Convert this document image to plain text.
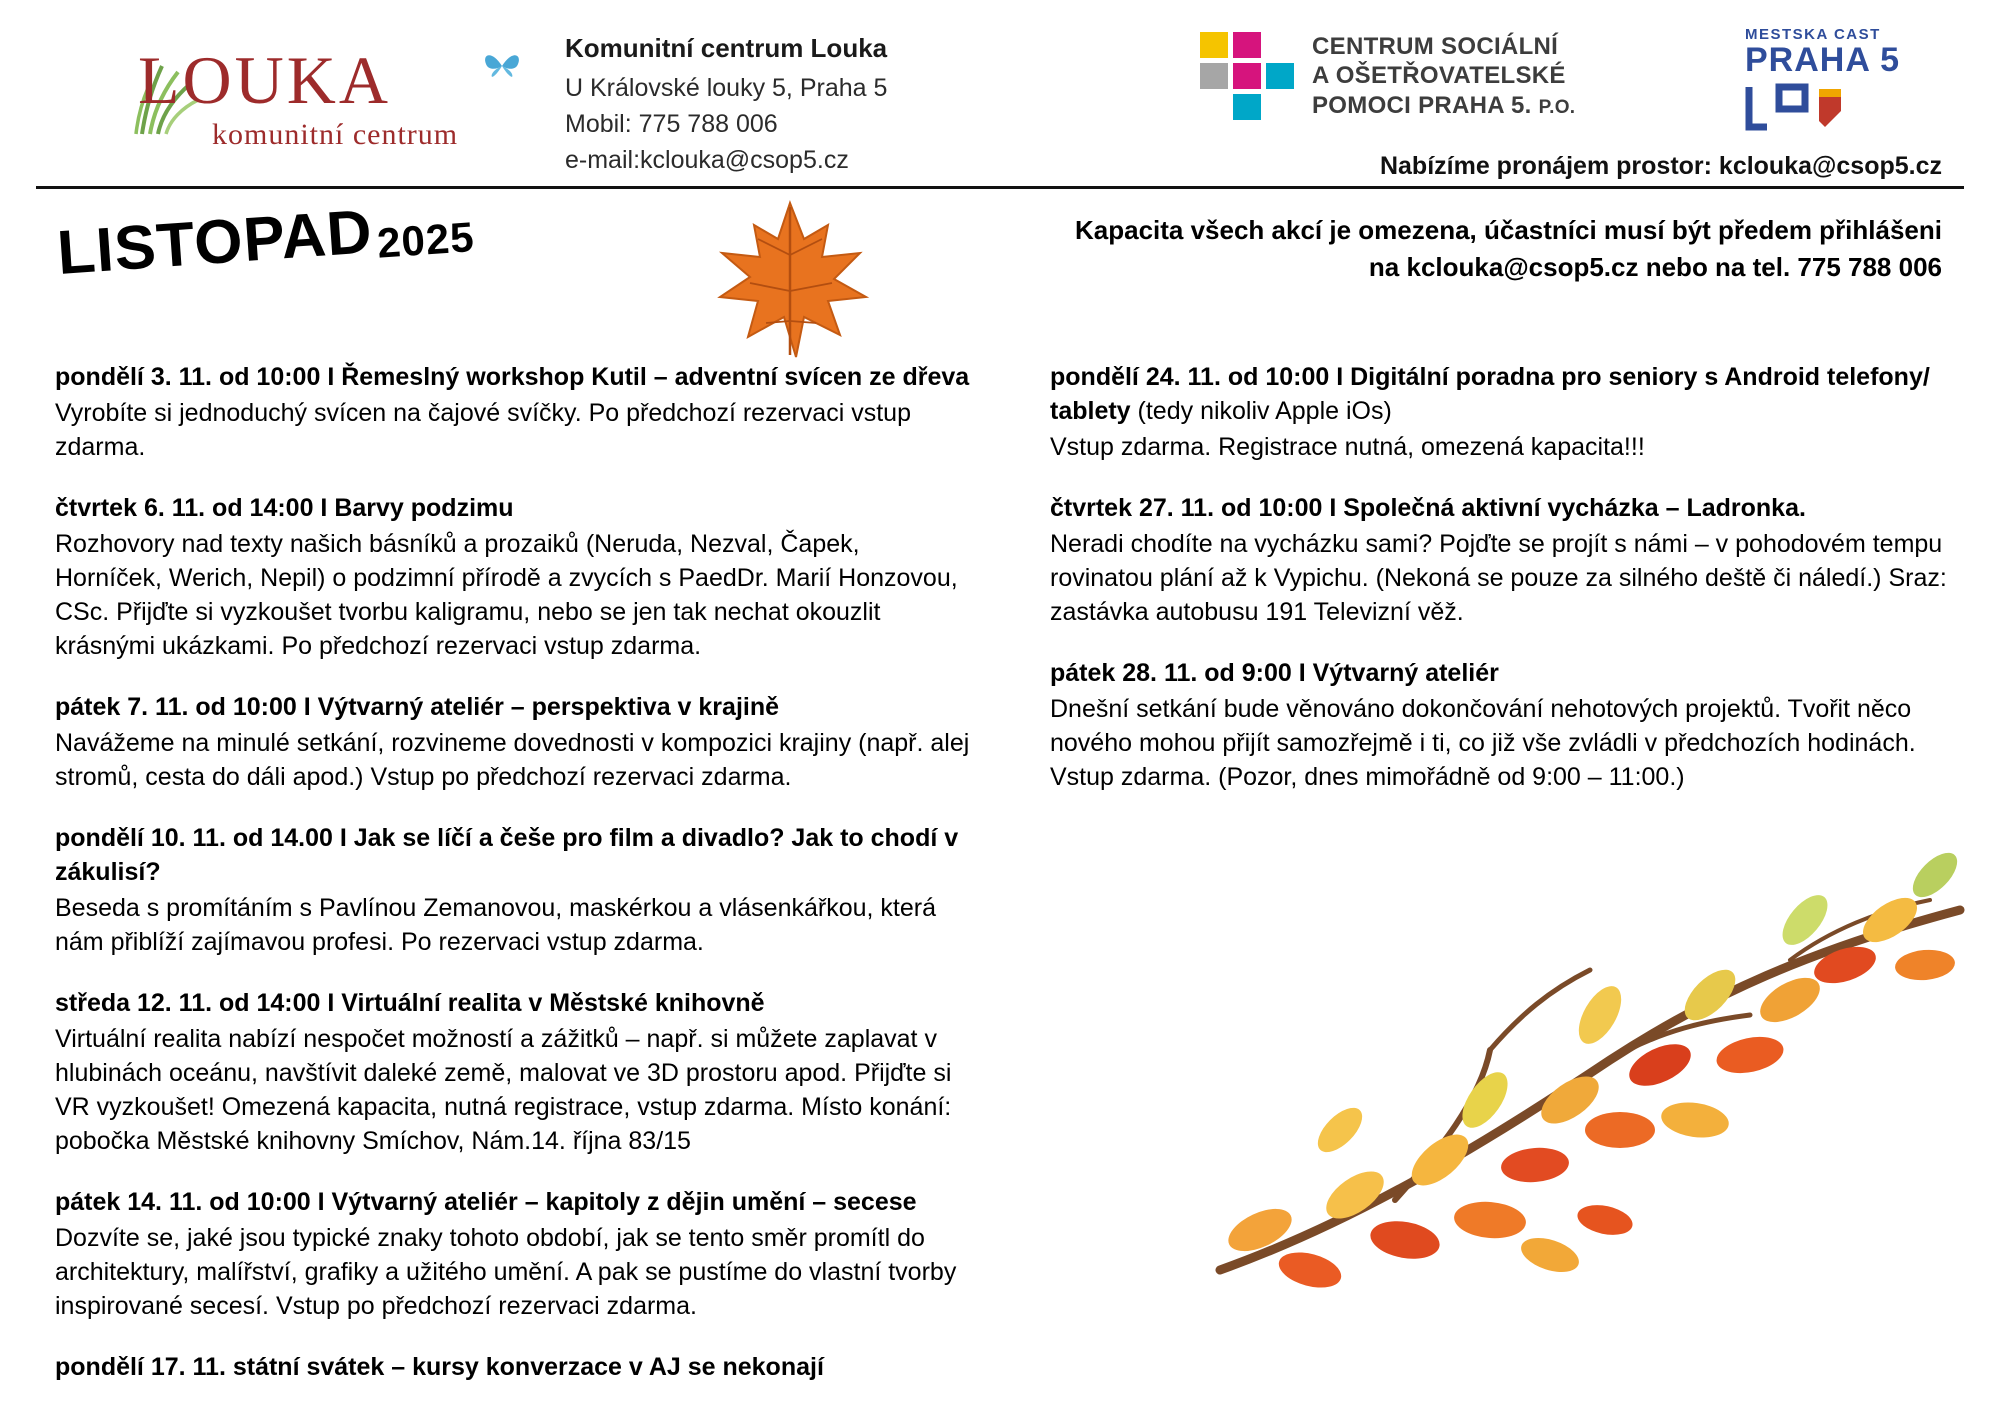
LOUKA
komunitní centrum
Komunitní centrum Louka
U Královské louky 5, Praha 5
Mobil: 775 788 006
e-mail:kclouka@csop5.cz
CENTRUM SOCIÁLNÍ
A OŠETŘOVATELSKÉ
POMOCI PRAHA 5. P.O.
MESTSKA CAST
PRAHA 5
Nabízíme pronájem prostor: kclouka@csop5.cz
LISTOPAD2025	Kapacita všech akcí je omezena, účastníci musí být předem přihlášeni
na kclouka@csop5.cz nebo na tel. 775 788 006

pondělí 3. 11. od 10:00 I Řemeslný workshop Kutil – adventní svícen ze dřeva

Vyrobíte si jednoduchý svícen na čajové svíčky. Po předchozí rezervaci vstup zdarma.

čtvrtek 6. 11. od 14:00 I Barvy podzimu

Rozhovory nad texty našich básníků a prozaiků (Neruda, Nezval, Čapek, Horníček, Werich, Nepil) o podzimní přírodě a zvycích s PaedDr. Marií Honzovou, CSc. Přijďte si vyzkoušet tvorbu kaligramu, nebo se jen tak nechat okouzlit krásnými ukázkami. Po předchozí rezervaci vstup zdarma.

pátek 7. 11. od 10:00 I Výtvarný ateliér – perspektiva v krajině

Navážeme na minulé setkání, rozvineme dovednosti v kompozici krajiny (např. alej stromů, cesta do dáli apod.) Vstup po předchozí rezervaci zdarma.

pondělí 10. 11. od 14.00 I Jak se líčí a češe pro film a divadlo? Jak to chodí v zákulisí?

Beseda s promítáním s Pavlínou Zemanovou, maskérkou a vlásenkářkou, která nám přiblíží zajímavou profesi. Po rezervaci vstup zdarma.

středa 12. 11. od 14:00 I Virtuální realita v Městské knihovně

Virtuální realita nabízí nespočet možností a zážitků – např. si můžete zaplavat v hlubinách oceánu, navštívit daleké země, malovat ve 3D prostoru apod. Přijďte si VR vyzkoušet! Omezená kapacita, nutná registrace, vstup zdarma. Místo konání: pobočka Městské knihovny Smíchov, Nám.14. října 83/15

pátek 14. 11. od 10:00 I Výtvarný ateliér – kapitoly z dějin umění – secese

Dozvíte se, jaké jsou typické znaky tohoto období, jak se tento směr promítl do architektury, malířství, grafiky a užitého umění. A pak se pustíme do vlastní tvorby inspirované secesí. Vstup po předchozí rezervaci zdarma.

pondělí 17. 11. státní svátek – kursy konverzace v AJ se nekonají

pondělí 24. 11. od 10:00 I Digitální poradna pro seniory s Android telefony/ tablety (tedy nikoliv Apple iOs)

Vstup zdarma. Registrace nutná, omezená kapacita!!!

čtvrtek 27. 11. od 10:00 I Společná aktivní vycházka – Ladronka.

Neradi chodíte na vycházku sami? Pojďte se projít s námi – v pohodovém tempu rovinatou plání až k Vypichu. (Nekoná se pouze za silného deště či náledí.) Sraz: zastávka autobusu 191 Televizní věž.

pátek 28. 11. od 9:00 I Výtvarný ateliér

Dnešní setkání bude věnováno dokončování nehotových projektů. Tvořit něco nového mohou přijít samozřejmě i ti, co již vše zvládli v předchozích hodinách. Vstup zdarma. (Pozor, dnes mimořádně od 9:00 – 11:00.)
